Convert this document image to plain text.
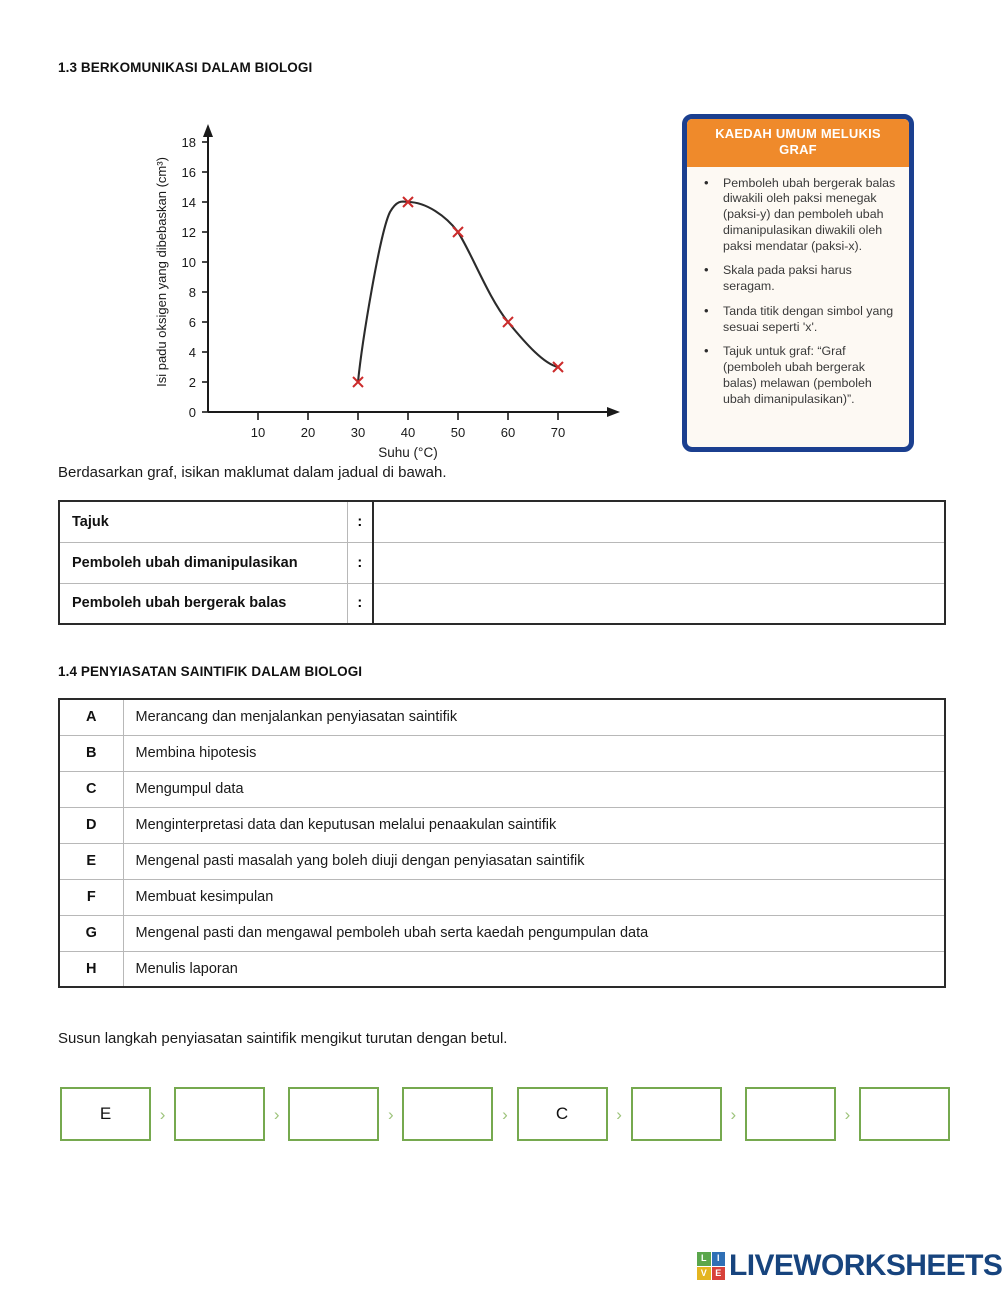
1.3 BERKOMUNIKASI DALAM BIOLOGI
0
2
4
6
8
10
12
14
16
18
10	20	30	40	50	60	70
Suhu (°C)
Isi padu oksigen yang dibebaskan (cm³)
KAEDAH UMUM MELUKIS GRAF
• Pemboleh ubah bergerak balas diwakili oleh paksi menegak (paksi-y) dan pemboleh ubah dimanipulasikan diwakili oleh paksi mendatar (paksi-x).
• Skala pada paksi harus seragam.
• Tanda titik dengan simbol yang sesuai seperti 'x'.
• Tajuk untuk graf: “Graf (pemboleh ubah bergerak balas) melawan (pemboleh ubah dimanipulasikan)”.
Berdasarkan graf, isikan maklumat dalam jadual di bawah.
Tajuk	:	
Pemboleh ubah dimanipulasikan	:	
Pemboleh ubah bergerak balas	:	
1.4 PENYIASATAN SAINTIFIK DALAM BIOLOGI
A	Merancang dan menjalankan penyiasatan saintifik
B	Membina hipotesis
C	Mengumpul data
D	Menginterpretasi data dan keputusan melalui penaakulan saintifik
E	Mengenal pasti masalah yang boleh diuji dengan penyiasatan saintifik
F	Membuat kesimpulan
G	Mengenal pasti dan mengawal pemboleh ubah serta kaedah pengumpulan data
H	Menulis laporan
Susun langkah penyiasatan saintifik mengikut turutan dengan betul.
E	›	›	›	›	C	›	›	›
L	I
V E LIVEWORKSHEETS
